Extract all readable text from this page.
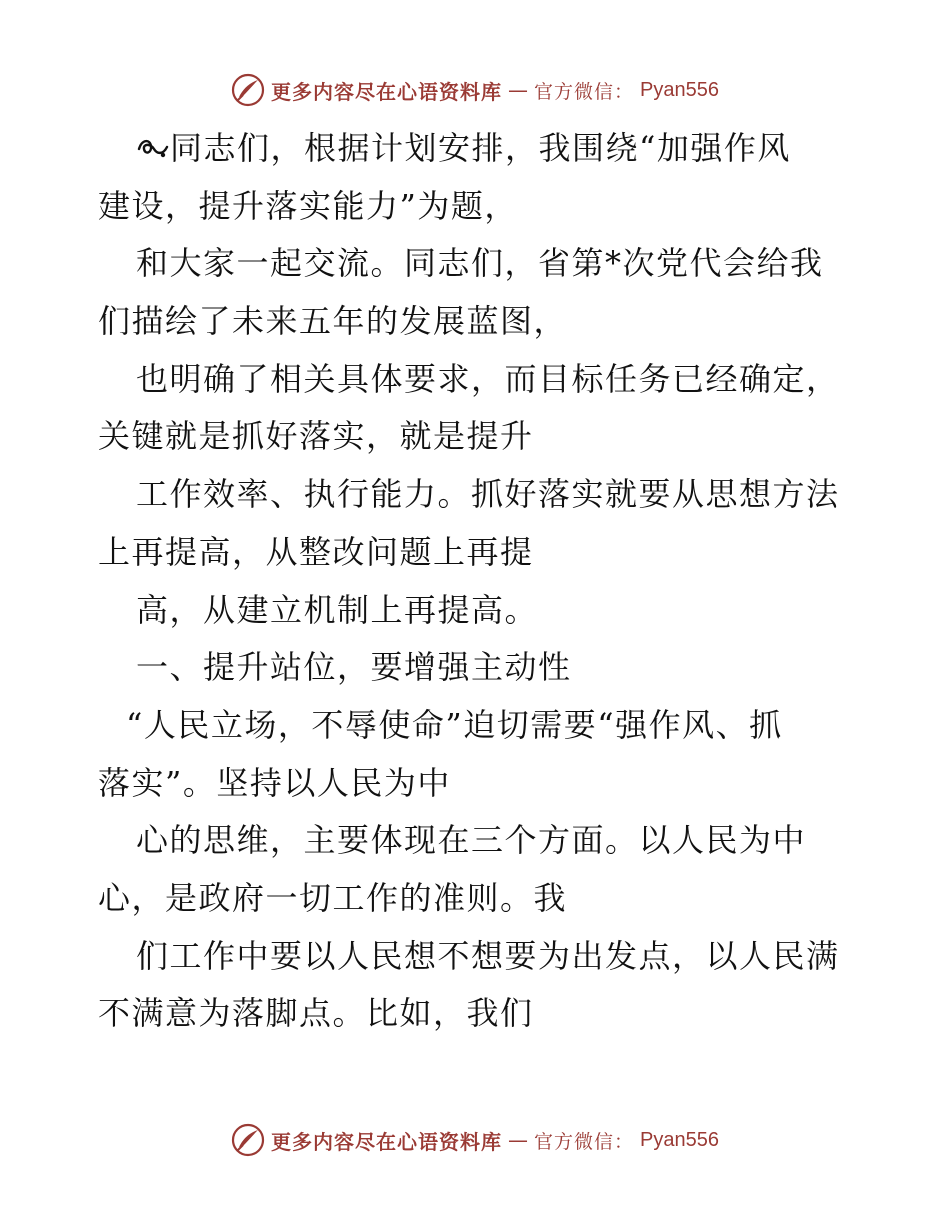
更多内容尽在心语资料库 — 官方微信： Pyan556
同志们，根据计划安排，我围绕“加强作风
建设，提升落实能力”为题，
和大家一起交流。同志们，省第*次党代会给我
们描绘了未来五年的发展蓝图，
也明确了相关具体要求，而目标任务已经确定，
关键就是抓好落实，就是提升
工作效率、执行能力。抓好落实就要从思想方法
上再提高，从整改问题上再提
高，从建立机制上再提高。
一、提升站位，要增强主动性
“人民立场，不辱使命”迫切需要“强作风、抓
落实”。坚持以人民为中
心的思维，主要体现在三个方面。以人民为中
心，是政府一切工作的准则。我
们工作中要以人民想不想要为出发点，以人民满
不满意为落脚点。比如，我们
更多内容尽在心语资料库 — 官方微信： Pyan556
